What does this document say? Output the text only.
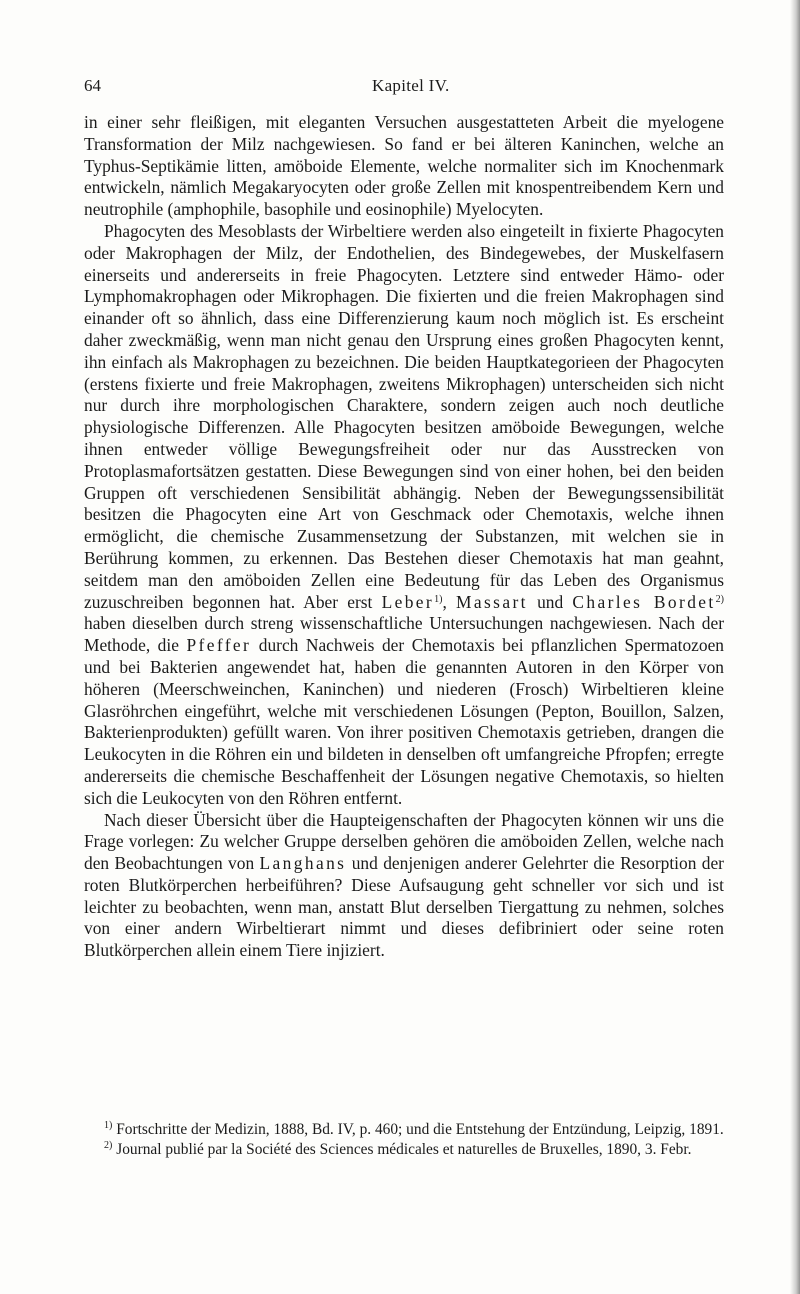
64	Kapitel IV.

in einer sehr fleißigen, mit eleganten Versuchen ausgestatteten Arbeit die myelogene Transformation der Milz nachgewiesen. So fand er bei älteren Kaninchen, welche an Typhus-Septikämie litten, amöboide Elemente, welche normaliter sich im Knochenmark entwickeln, nämlich Megakaryocyten oder große Zellen mit knospentreibendem Kern und neutrophile (amphophile, basophile und eosinophile) Myelocyten.

Phagocyten des Mesoblasts der Wirbeltiere werden also eingeteilt in fixierte Phagocyten oder Makrophagen der Milz, der Endothelien, des Bindegewebes, der Muskelfasern einerseits und andererseits in freie Phagocyten. Letztere sind entweder Hämo- oder Lymphomakrophagen oder Mikrophagen. Die fixierten und die freien Makrophagen sind einander oft so ähnlich, dass eine Differenzierung kaum noch möglich ist. Es erscheint daher zweckmäßig, wenn man nicht genau den Ursprung eines großen Phagocyten kennt, ihn einfach als Makrophagen zu bezeichnen. Die beiden Hauptkategorieen der Phagocyten (erstens fixierte und freie Makrophagen, zweitens Mikrophagen) unterscheiden sich nicht nur durch ihre morphologischen Charaktere, sondern zeigen auch noch deutliche physiologische Differenzen. Alle Phagocyten besitzen amöboide Bewegungen, welche ihnen entweder völlige Bewegungsfreiheit oder nur das Ausstrecken von Protoplasmafortsätzen gestatten. Diese Bewegungen sind von einer hohen, bei den beiden Gruppen oft verschiedenen Sensibilität abhängig. Neben der Bewegungssensibilität besitzen die Phagocyten eine Art von Geschmack oder Chemotaxis, welche ihnen ermöglicht, die chemische Zusammensetzung der Substanzen, mit welchen sie in Berührung kommen, zu erkennen. Das Bestehen dieser Chemotaxis hat man geahnt, seitdem man den amöboiden Zellen eine Bedeutung für das Leben des Organismus zuzuschreiben begonnen hat. Aber erst Leber$^{1)}$, Massart und Charles Bordet$^{2)}$ haben dieselben durch streng wissenschaftliche Untersuchungen nachgewiesen. Nach der Methode, die Pfeffer durch Nachweis der Chemotaxis bei pflanzlichen Spermatozoen und bei Bakterien angewendet hat, haben die genannten Autoren in den Körper von höheren (Meerschweinchen, Kaninchen) und niederen (Frosch) Wirbeltieren kleine Glasröhrchen eingeführt, welche mit verschiedenen Lösungen (Pepton, Bouillon, Salzen, Bakterienprodukten) gefüllt waren. Von ihrer positiven Chemotaxis getrieben, drangen die Leukocyten in die Röhren ein und bildeten in denselben oft umfangreiche Pfropfen; erregte andererseits die chemische Beschaffenheit der Lösungen negative Chemotaxis, so hielten sich die Leukocyten von den Röhren entfernt.

Nach dieser Übersicht über die Haupteigenschaften der Phagocyten können wir uns die Frage vorlegen: Zu welcher Gruppe derselben gehören die amöboiden Zellen, welche nach den Beobachtungen von Langhans und denjenigen anderer Gelehrter die Resorption der roten Blutkörperchen herbeiführen? Diese Aufsaugung geht schneller vor sich und ist leichter zu beobachten, wenn man, anstatt Blut derselben Tiergattung zu nehmen, solches von einer andern Wirbeltierart nimmt und dieses defibriniert oder seine roten Blutkörperchen allein einem Tiere injiziert.

$^{1)}$ Fortschritte der Medizin, 1888, Bd. IV, p. 460; und die Entstehung der Entzündung, Leipzig, 1891.

$^{2)}$ Journal publié par la Société des Sciences médicales et naturelles de Bruxelles, 1890, 3. Febr.
